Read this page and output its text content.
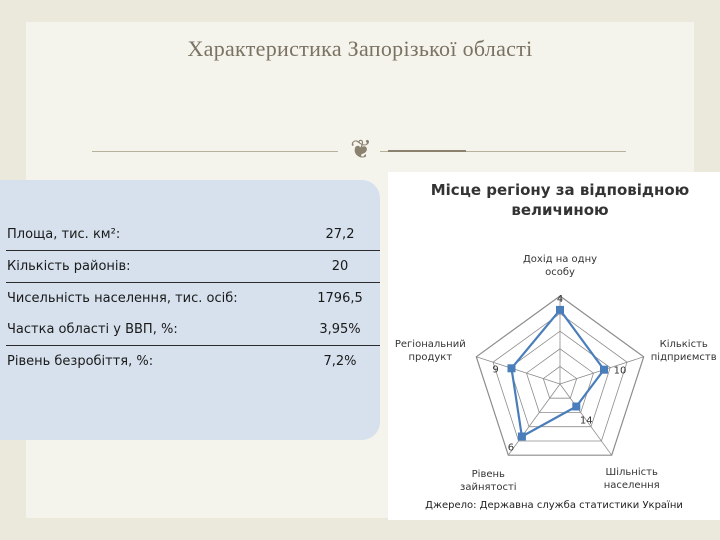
Характеристика Запорізької області
❦
Площа, тис. км²:	27,2
Кількість районів:	20
Чисельність населення, тис. осіб:	1796,5
Частка області у ВВП, %:	3,95%
Рівень безробіття, %:	7,2%
Місце регіону за відповідною
величиною
4
10
14
6
9
Дохід на одну
особу
Кількість
підприємств
Шільність
населення
Рівень
зайнятості
Регіональний
продукт
Джерело: Державна служба статистики України
